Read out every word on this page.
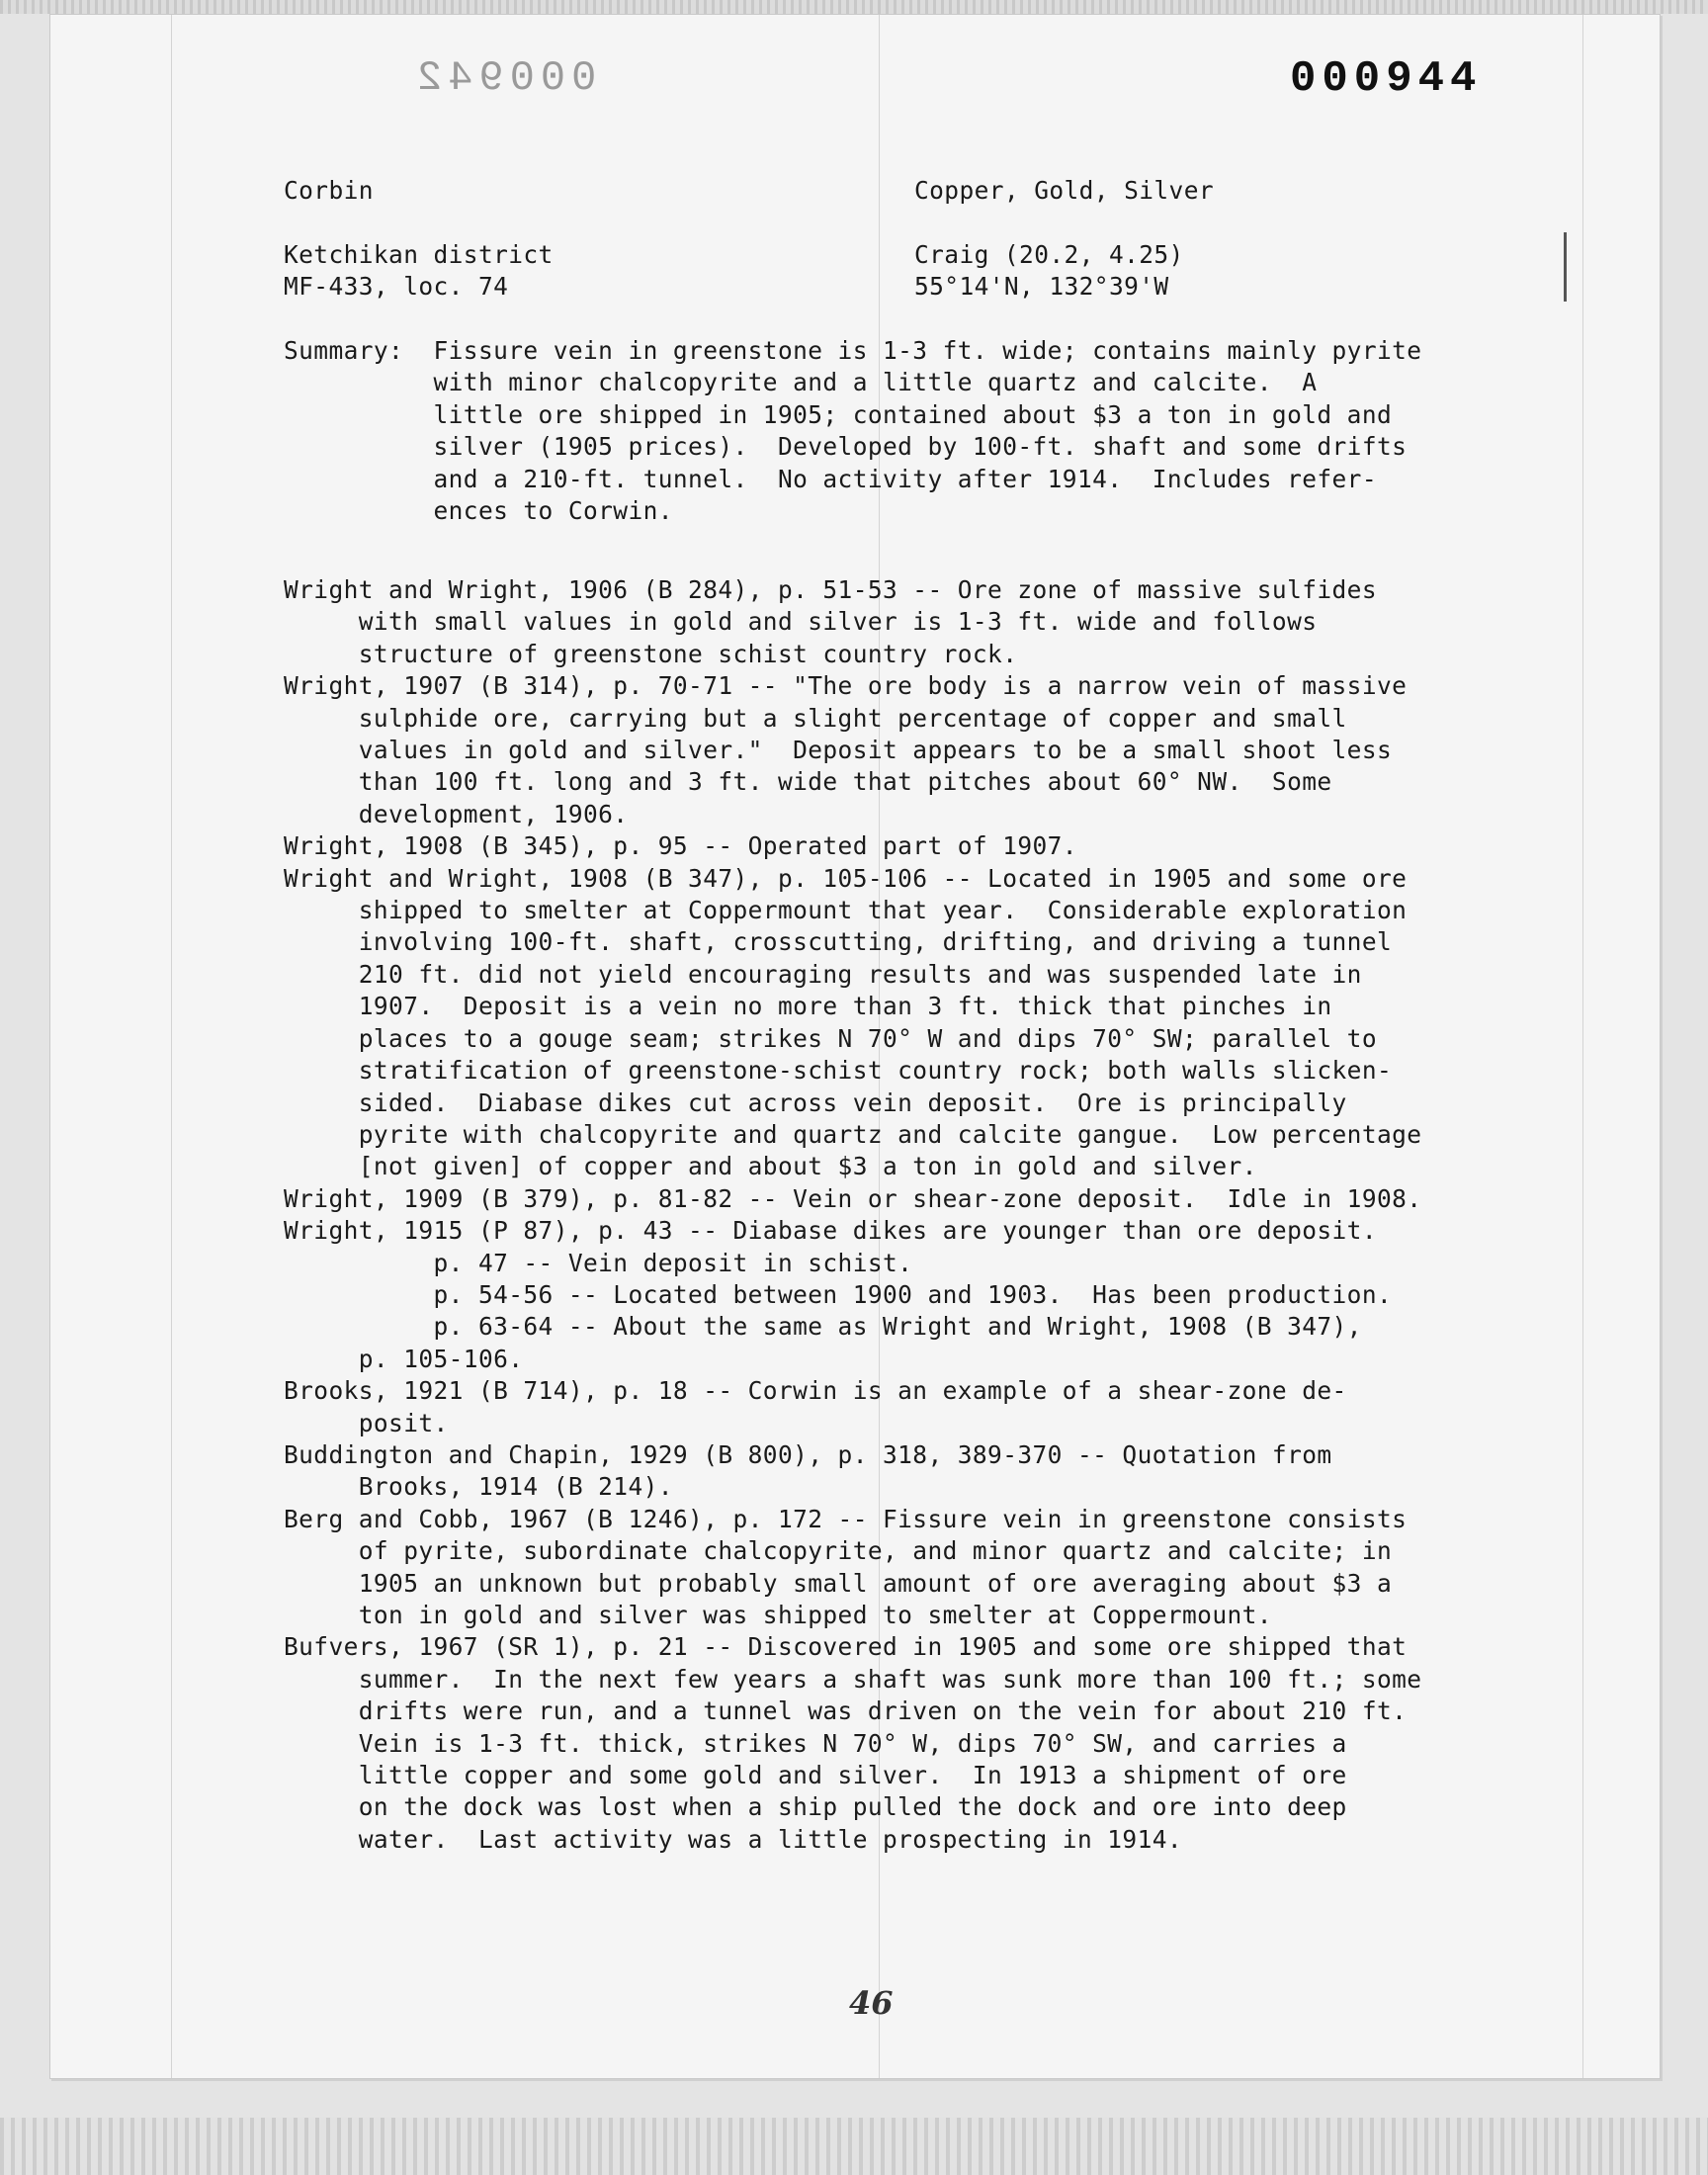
000942	000944
Corbin

Ketchikan district
MF-433, loc. 74
Copper, Gold, Silver

Craig (20.2, 4.25)
55°14'N, 132°39'W
Summary:  Fissure vein in greenstone is 1-3 ft. wide; contains mainly pyrite
with minor chalcopyrite and a little quartz and calcite.  A
little ore shipped in 1905; contained about $3 a ton in gold and
silver (1905 prices).  Developed by 100-ft. shaft and some drifts
and a 210-ft. tunnel.  No activity after 1914.  Includes refer-
ences to Corwin.
Wright and Wright, 1906 (B 284), p. 51-53 -- Ore zone of massive sulfides
with small values in gold and silver is 1-3 ft. wide and follows
structure of greenstone schist country rock.
Wright, 1907 (B 314), p. 70-71 -- "The ore body is a narrow vein of massive
sulphide ore, carrying but a slight percentage of copper and small
values in gold and silver."  Deposit appears to be a small shoot less
than 100 ft. long and 3 ft. wide that pitches about 60° NW.  Some
development, 1906.
Wright, 1908 (B 345), p. 95 -- Operated part of 1907.
Wright and Wright, 1908 (B 347), p. 105-106 -- Located in 1905 and some ore
shipped to smelter at Coppermount that year.  Considerable exploration
involving 100-ft. shaft, crosscutting, drifting, and driving a tunnel
210 ft. did not yield encouraging results and was suspended late in
1907.  Deposit is a vein no more than 3 ft. thick that pinches in
places to a gouge seam; strikes N 70° W and dips 70° SW; parallel to
stratification of greenstone-schist country rock; both walls slicken-
sided.  Diabase dikes cut across vein deposit.  Ore is principally
pyrite with chalcopyrite and quartz and calcite gangue.  Low percentage
[not given] of copper and about $3 a ton in gold and silver.
Wright, 1909 (B 379), p. 81-82 -- Vein or shear-zone deposit.  Idle in 1908.
Wright, 1915 (P 87), p. 43 -- Diabase dikes are younger than ore deposit.
p. 47 -- Vein deposit in schist.
p. 54-56 -- Located between 1900 and 1903.  Has been production.
p. 63-64 -- About the same as Wright and Wright, 1908 (B 347),
p. 105-106.
Brooks, 1921 (B 714), p. 18 -- Corwin is an example of a shear-zone de-
posit.
Buddington and Chapin, 1929 (B 800), p. 318, 389-370 -- Quotation from
Brooks, 1914 (B 214).
Berg and Cobb, 1967 (B 1246), p. 172 -- Fissure vein in greenstone consists
of pyrite, subordinate chalcopyrite, and minor quartz and calcite; in
1905 an unknown but probably small amount of ore averaging about $3 a
ton in gold and silver was shipped to smelter at Coppermount.
Bufvers, 1967 (SR 1), p. 21 -- Discovered in 1905 and some ore shipped that
summer.  In the next few years a shaft was sunk more than 100 ft.; some
drifts were run, and a tunnel was driven on the vein for about 210 ft.
Vein is 1-3 ft. thick, strikes N 70° W, dips 70° SW, and carries a
little copper and some gold and silver.  In 1913 a shipment of ore
on the dock was lost when a ship pulled the dock and ore into deep
water.  Last activity was a little prospecting in 1914.
46
